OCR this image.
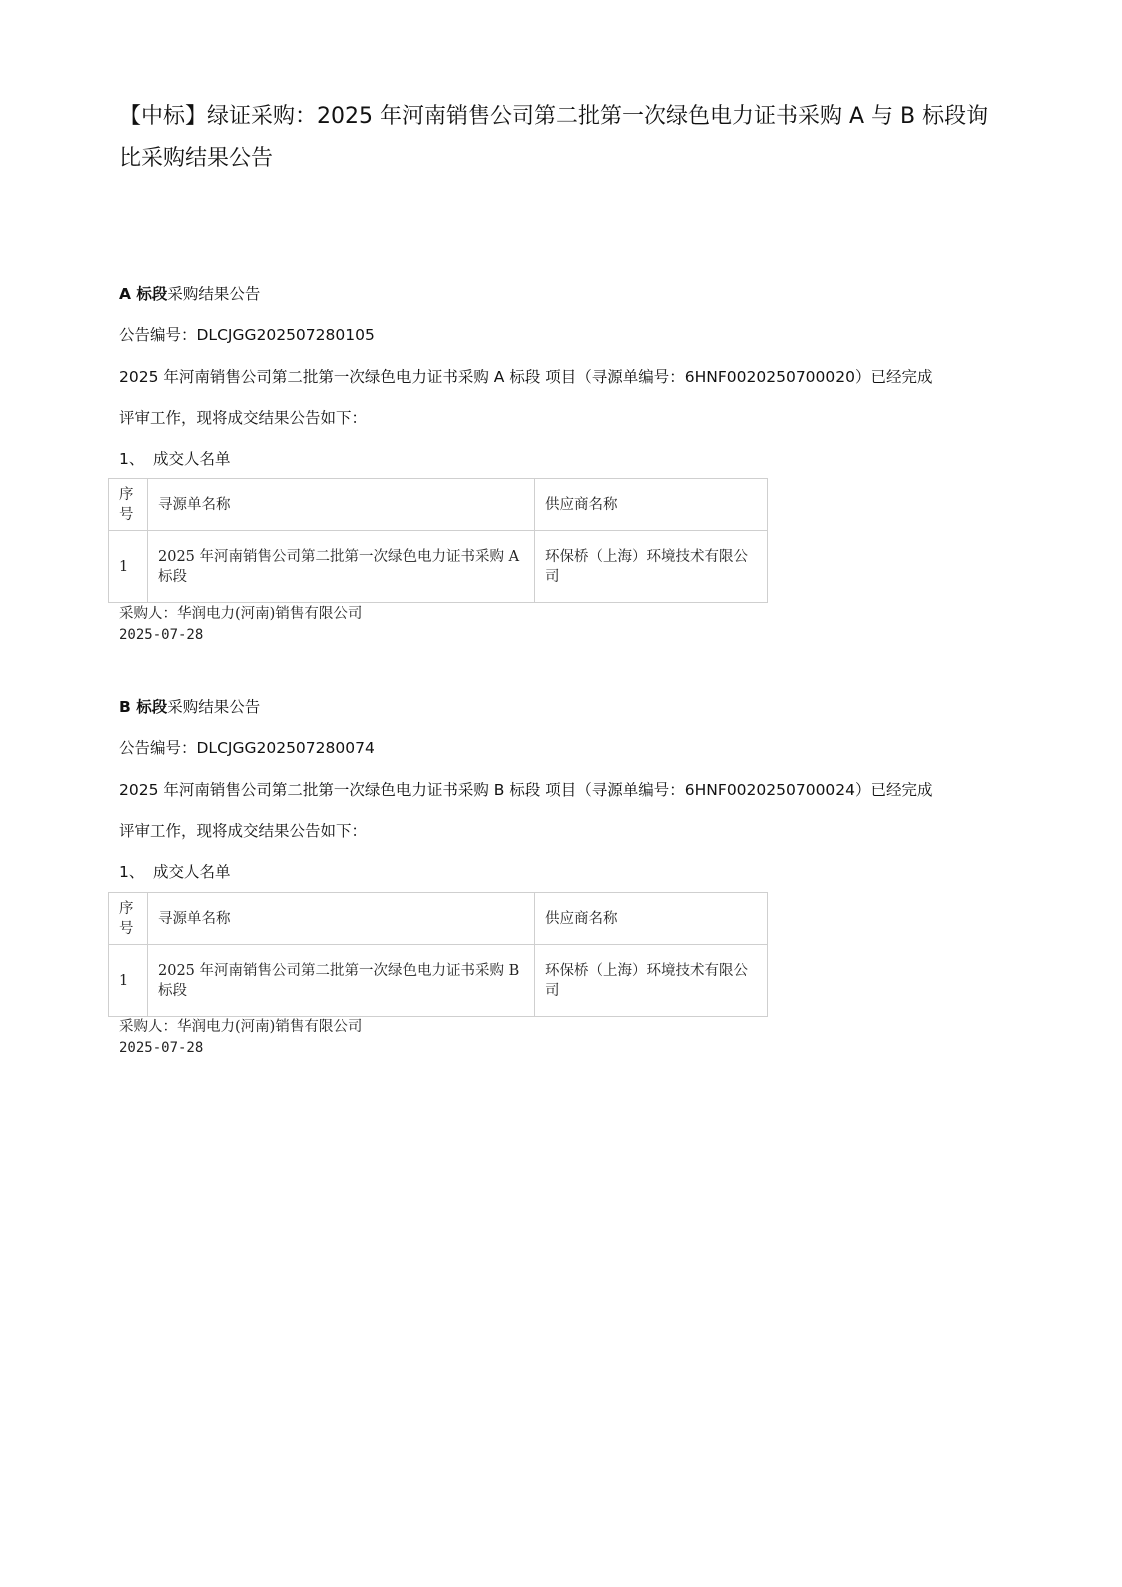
【中标】绿证采购：2025 年河南销售公司第二批第一次绿色电力证书采购 A 与 B 标段询比采购结果公告
A 标段采购结果公告
公告编号：DLCJGG202507280105
2025 年河南销售公司第二批第一次绿色电力证书采购 A 标段 项目（寻源单编号：6HNF0020250700020）已经完成
评审工作，现将成交结果公告如下：
1、 成交人名单
序号	寻源单名称	供应商名称
1	2025 年河南销售公司第二批第一次绿色电力证书采购 A 标段	环保桥（上海）环境技术有限公司
采购人：华润电力(河南)销售有限公司
2025-07-28
B 标段采购结果公告
公告编号：DLCJGG202507280074
2025 年河南销售公司第二批第一次绿色电力证书采购 B 标段 项目（寻源单编号：6HNF0020250700024）已经完成
评审工作，现将成交结果公告如下：
1、 成交人名单
序号	寻源单名称	供应商名称
1	2025 年河南销售公司第二批第一次绿色电力证书采购 B 标段	环保桥（上海）环境技术有限公司
采购人：华润电力(河南)销售有限公司
2025-07-28
